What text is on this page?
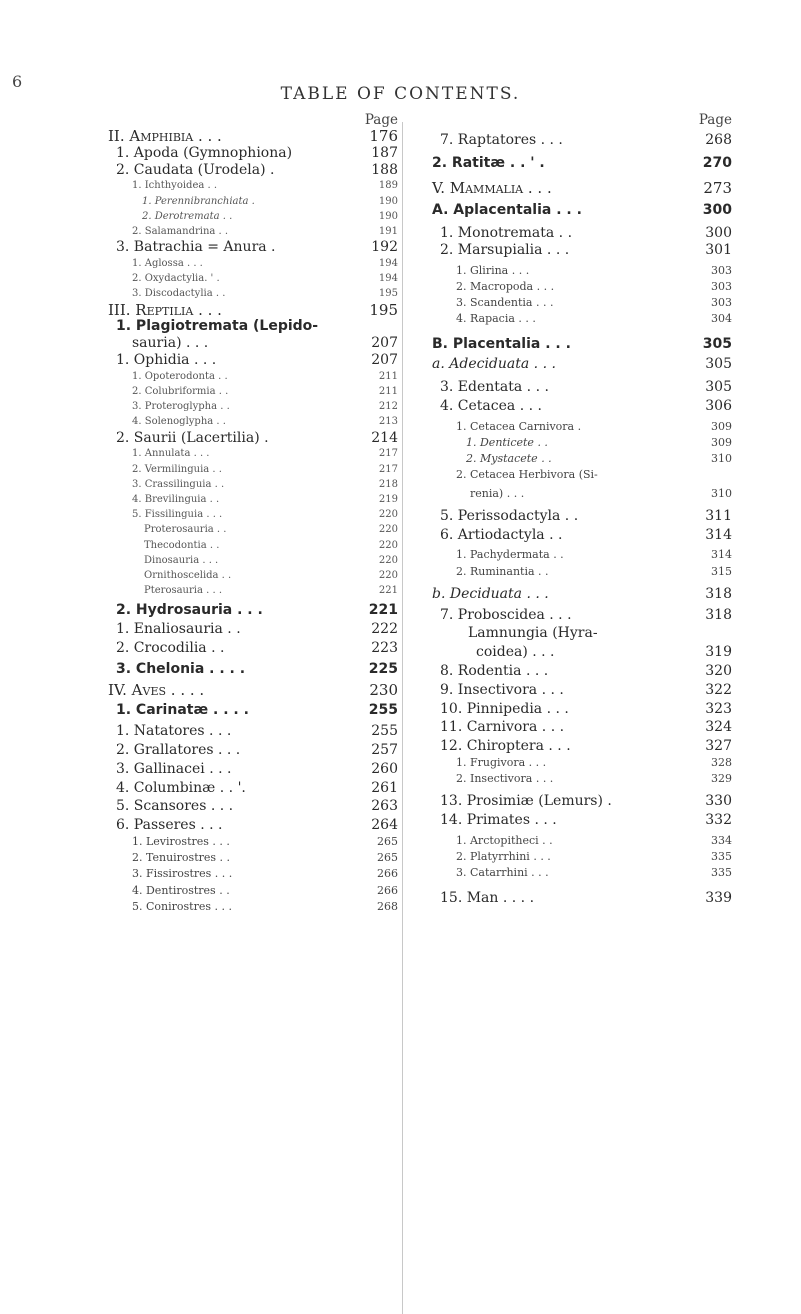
6
TABLE OF CONTENTS.
Page
II. Amphibia . . .	176
1. Apoda (Gymnophiona)	187
2. Caudata (Urodela) .	188
1. Ichthyoidea . .	189
1. Perennibranchiata .	190
2. Derotremata . .	190
2. Salamandrina . .	191
3. Batrachia = Anura .	192
1. Aglossa . . .	194
2. Oxydactylia. ' .	194
3. Discodactylia . .	195
III. Reptilia . . .	195
1. Plagiotremata (Lepido-
sauria) . . .	207
1. Ophidia . . .	207
1. Opoterodonta . .	211
2. Colubriformia . .	211
3. Proteroglypha . .	212
4. Solenoglypha . .	213
2. Saurii (Lacertilia) .	214
1. Annulata . . .	217
2. Vermilinguia . .	217
3. Crassilinguia . .	218
4. Brevilinguia . .	219
5. Fissilinguia . . .	220
Proterosauria . .	220
Thecodontia . .	220
Dinosauria . . .	220
Ornithoscelida . .	220
Pterosauria . . .	221
2. Hydrosauria . . .	221
1. Enaliosauria . .	222
2. Crocodilia . .	223
3. Chelonia . . . .	225
IV. Aves . . . .	230
1. Carinatæ . . . .	255
1. Natatores . . .	255
2. Grallatores . . .	257
3. Gallinacei . . .	260
4. Columbinæ . . '.	261
5. Scansores . . .	263
6. Passeres . . .	264
1. Levirostres . . .	265
2. Tenuirostres . .	265
3. Fissirostres . . .	266
4. Dentirostres . .	266
5. Conirostres . . .	268
Page
7. Raptatores . . .	268
2. Ratitæ . . ' .	270
V. Mammalia . . .	273
A. Aplacentalia . . .	300
1. Monotremata . .	300
2. Marsupialia . . .	301
1. Glirina . . .	303
2. Macropoda . . .	303
3. Scandentia . . .	303
4. Rapacia . . .	304
B. Placentalia . . .	305
a. Adeciduata . . .	305
3. Edentata . . .	305
4. Cetacea . . .	306
1. Cetacea Carnivora .	309
1. Denticete . .	309
2. Mystacete . .	310
2. Cetacea Herbivora (Si-
renia) . . .	310
5. Perissodactyla . .	311
6. Artiodactyla . .	314
1. Pachydermata . .	314
2. Ruminantia . .	315
b. Deciduata . . .	318
7. Proboscidea . . .	318
Lamnungia (Hyra-
coidea) . . .	319
8. Rodentia . . .	320
9. Insectivora . . .	322
10. Pinnipedia . . .	323
11. Carnivora . . .	324
12. Chiroptera . . .	327
1. Frugivora . . .	328
2. Insectivora . . .	329
13. Prosimiæ (Lemurs) .	330
14. Primates . . .	332
1. Arctopitheci . .	334
2. Platyrrhini . . .	335
3. Catarrhini . . .	335
15. Man . . . .	339
